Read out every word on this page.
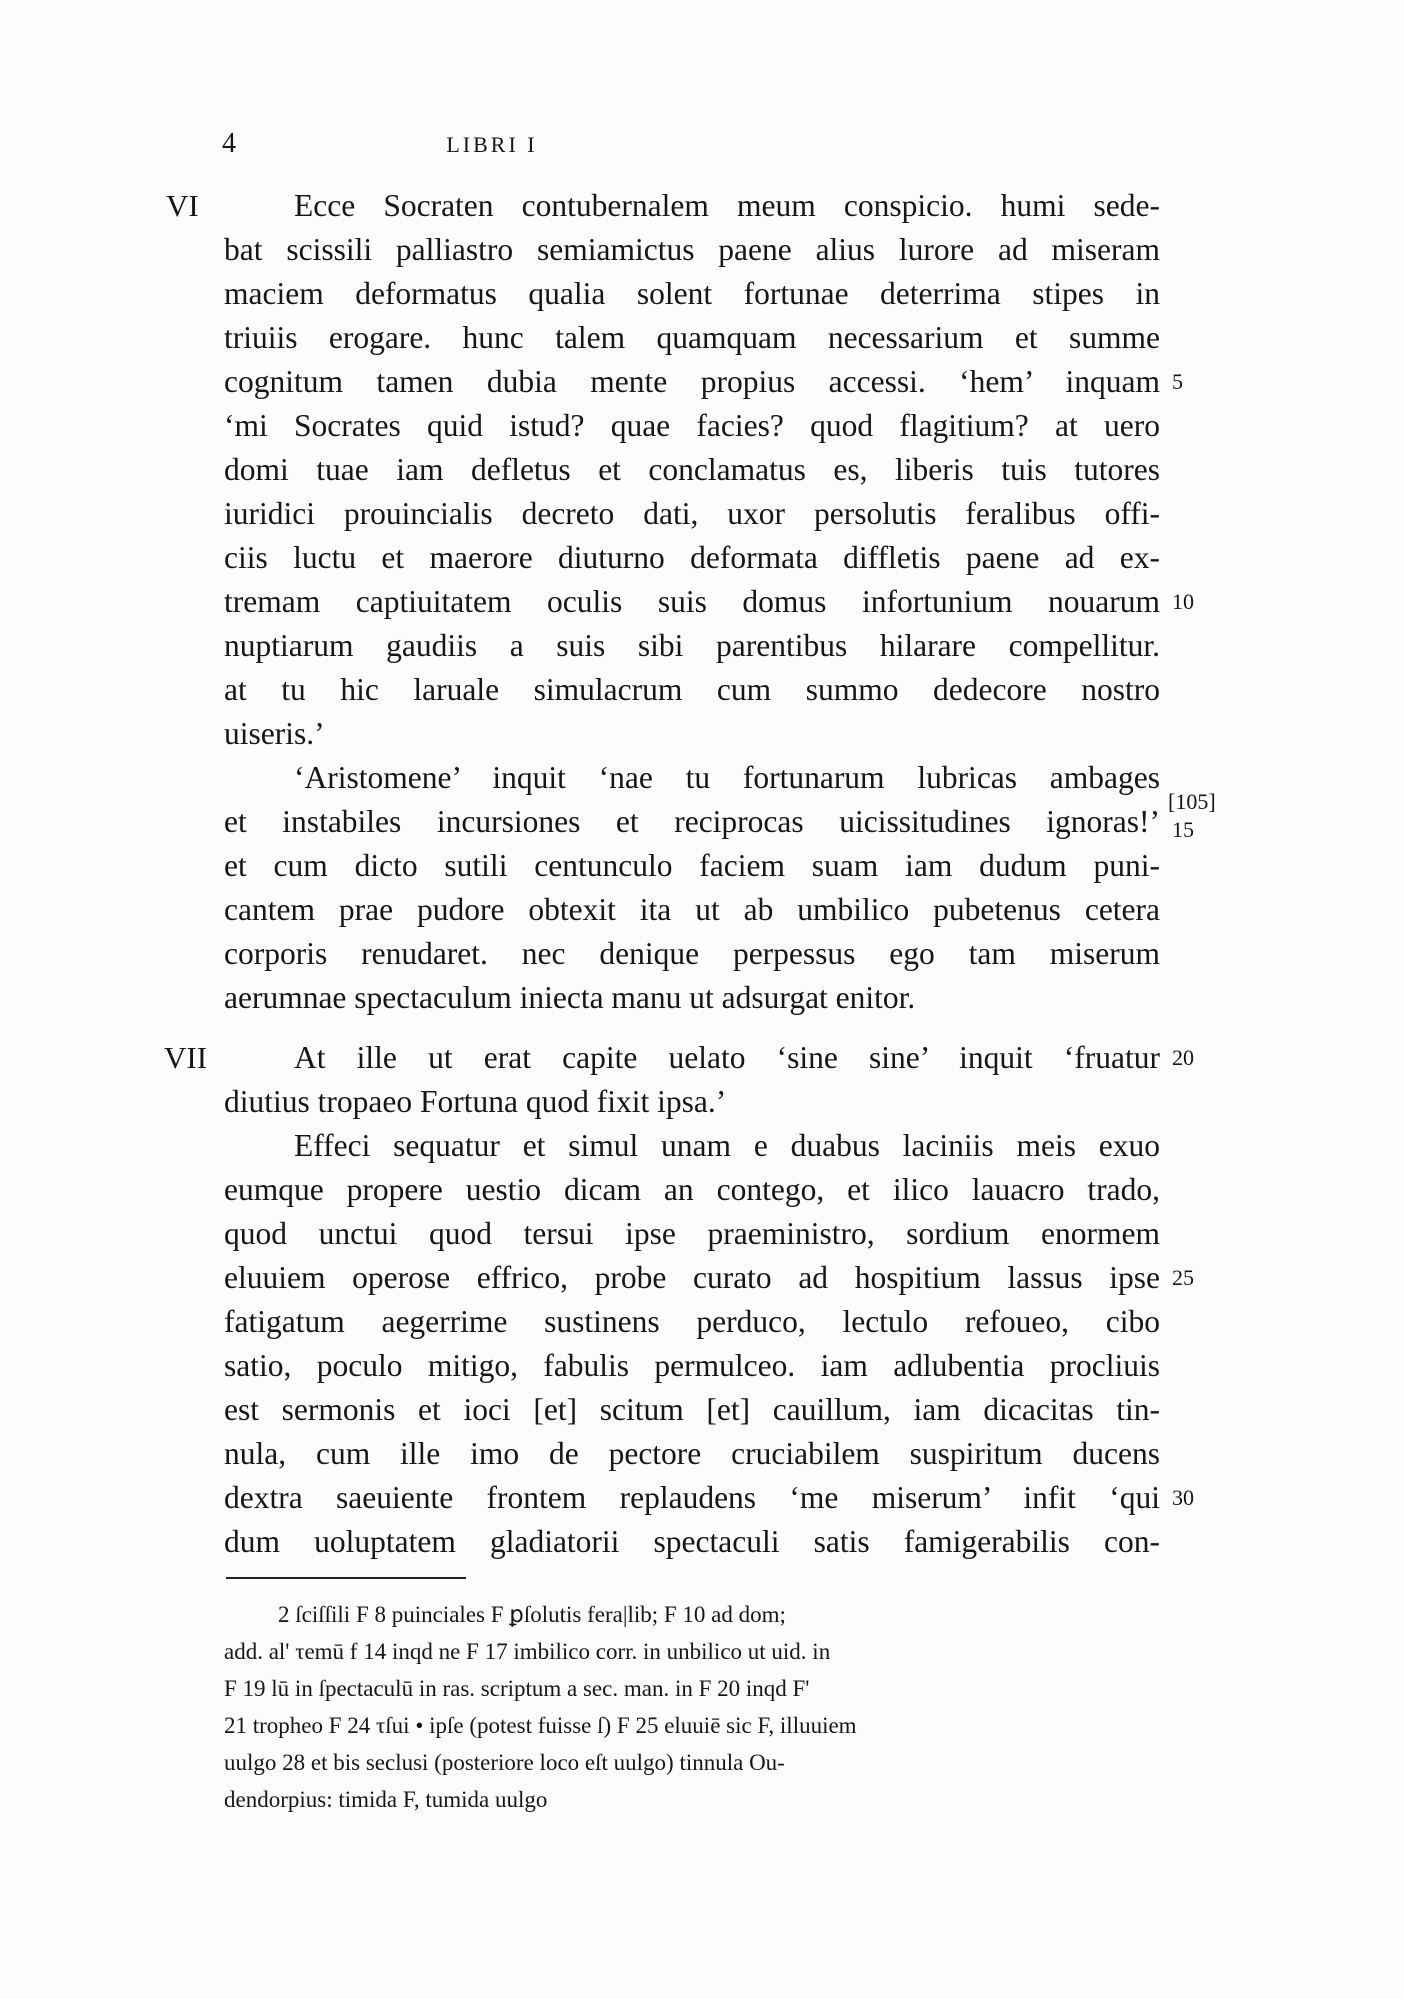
4	LIBRI I
VI
VII
Ecce Socraten contubernalem meum conspicio. humi sede-
bat scissili palliastro semiamictus paene alius lurore ad miseram
maciem deformatus qualia solent fortunae deterrima stipes in
triuiis erogare. hunc talem quamquam necessarium et summe
cognitum tamen dubia mente propius accessi. ‘hem’ inquam
‘mi Socrates quid istud? quae facies? quod flagitium? at uero
domi tuae iam defletus et conclamatus es, liberis tuis tutores
iuridici prouincialis decreto dati, uxor persolutis feralibus offi-
ciis luctu et maerore diuturno deformata diffletis paene ad ex-
tremam captiuitatem oculis suis domus infortunium nouarum
nuptiarum gaudiis a suis sibi parentibus hilarare compellitur.
at tu hic laruale simulacrum cum summo dedecore nostro
uiseris.’
‘Aristomene’ inquit ‘nae tu fortunarum lubricas ambages
et instabiles incursiones et reciprocas uicissitudines ignoras!’
et cum dicto sutili centunculo faciem suam iam dudum puni-
cantem prae pudore obtexit ita ut ab umbilico pubetenus cetera
corporis renudaret. nec denique perpessus ego tam miserum
aerumnae spectaculum iniecta manu ut adsurgat enitor.
At ille ut erat capite uelato ‘sine sine’ inquit ‘fruatur
diutius tropaeo Fortuna quod fixit ipsa.’
Effeci sequatur et simul unam e duabus laciniis meis exuo
eumque propere uestio dicam an contego, et ilico lauacro trado,
quod unctui quod tersui ipse praeministro, sordium enormem
eluuiem operose effrico, probe curato ad hospitium lassus ipse
fatigatum aegerrime sustinens perduco, lectulo refoueo, cibo
satio, poculo mitigo, fabulis permulceo. iam adlubentia procliuis
est sermonis et ioci [et] scitum [et] cauillum, iam dicacitas tin-
nula, cum ille imo de pectore cruciabilem suspiritum ducens
dextra saeuiente frontem replaudens ‘me miserum’ infit ‘qui
dum uoluptatem gladiatorii spectaculi satis famigerabilis con-
5
10
[105]
15
20
25
30
2 ſciſſili F 8 puinciales F ꝑſolutis fera|lib; F 10 ad dom;
add. al' τemū f 14 inqd ne F 17 imbilico corr. in unbilico ut uid. in
F 19 lū in ſpectaculū in ras. scriptum a sec. man. in F 20 inqd F'
21 tropheo F 24 τſui • ipſe (potest fuisse ſ) F 25 eluuiē sic F, illuuiem
uulgo 28 et bis seclusi (posteriore loco eſt uulgo) tinnula Ou-
dendorpius: timida F, tumida uulgo
